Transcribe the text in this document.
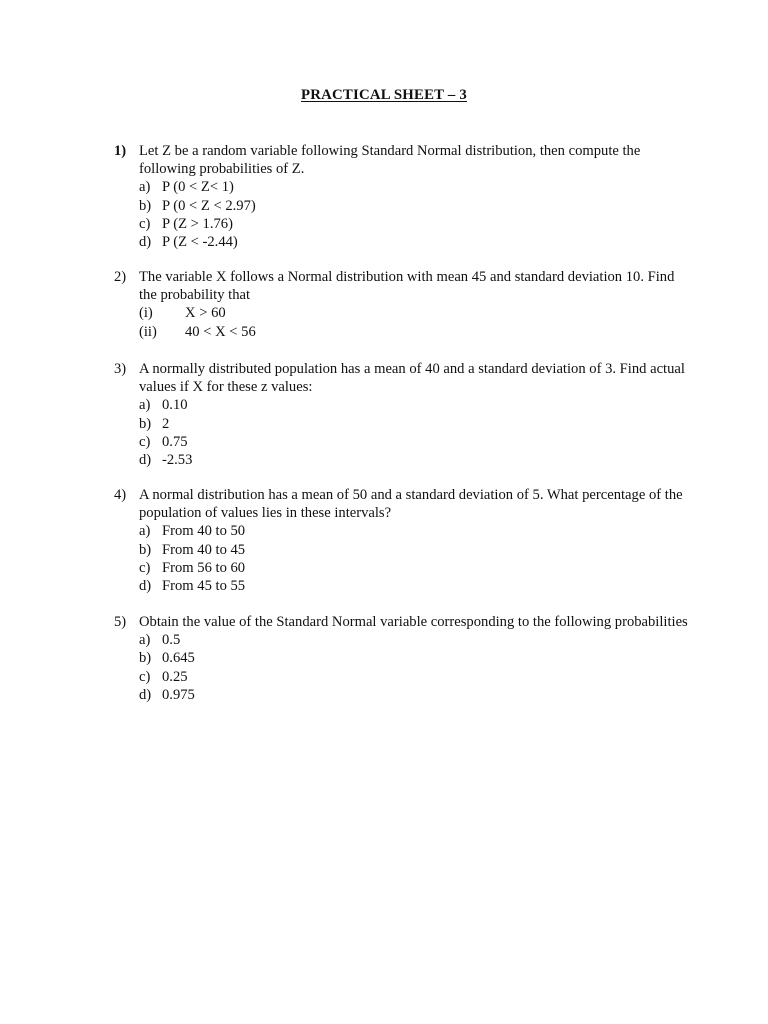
PRACTICAL SHEET – 3
1) Let Z be a random variable following Standard Normal distribution, then compute the following probabilities of Z.
a) P (0 < Z< 1)
b) P (0 < Z < 2.97)
c) P (Z > 1.76)
d) P (Z < -2.44)
2) The variable X follows a Normal distribution with mean 45 and standard deviation 10. Find the probability that
(i)	X > 60
(ii)	40 < X < 56
3) A normally distributed population has a mean of 40 and a standard deviation of 3. Find actual values if X for these z values:
a) 0.10
b) 2
c) 0.75
d) -2.53
4) A normal distribution has a mean of 50 and a standard deviation of 5. What percentage of the population of values lies in these intervals?
a) From 40 to 50
b) From 40 to 45
c) From 56 to 60
d) From 45 to 55
5) Obtain the value of the Standard Normal variable corresponding to the following probabilities
a) 0.5
b) 0.645
c) 0.25
d) 0.975
